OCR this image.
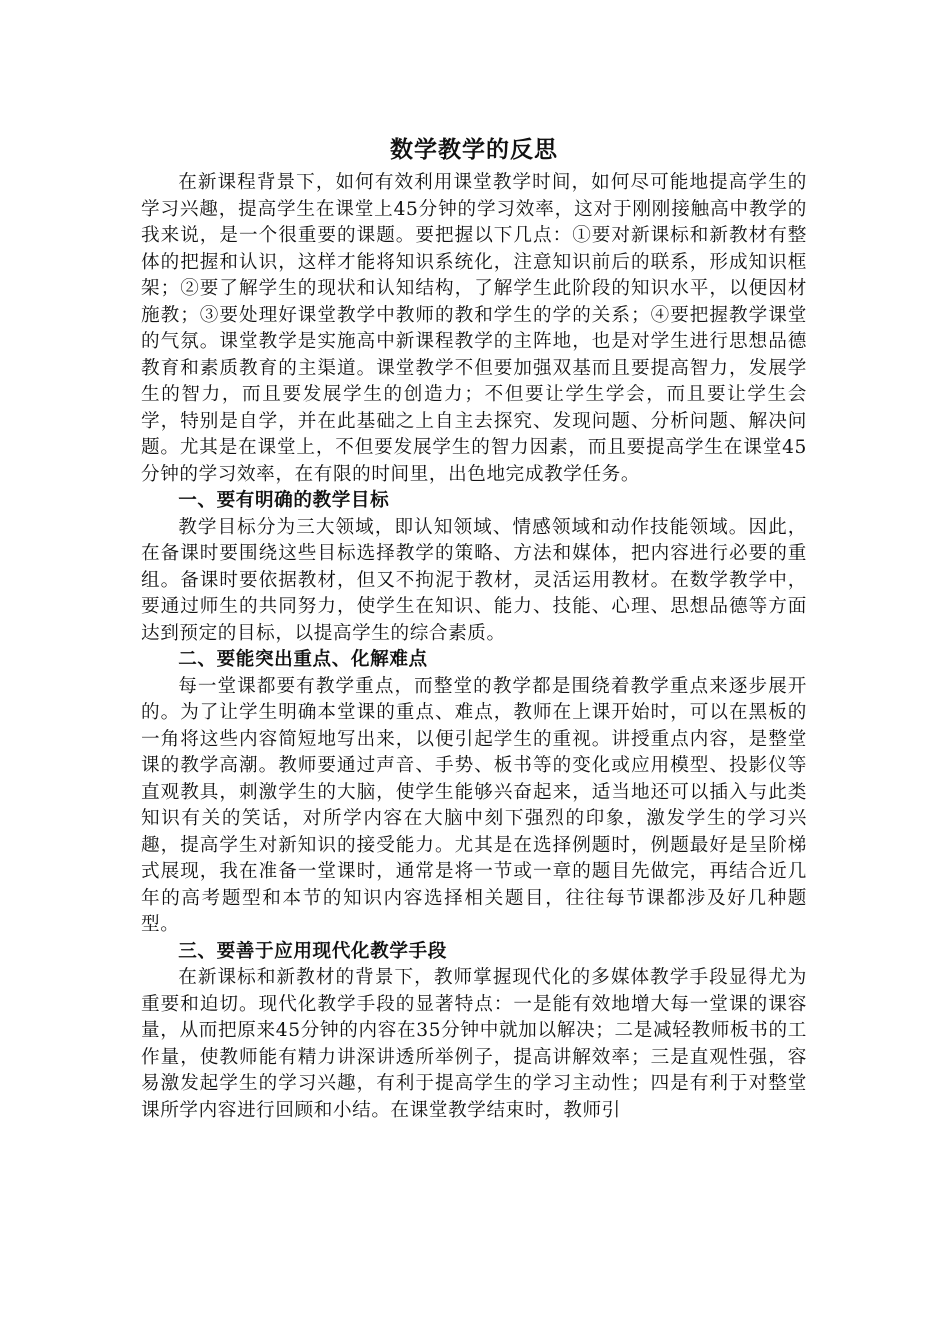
数学教学的反思

在新课程背景下，如何有效利用课堂教学时间，如何尽可能地提高学生的学习兴趣，提高学生在课堂上45分钟的学习效率，这对于刚刚接触高中教学的我来说，是一个很重要的课题。要把握以下几点：①要对新课标和新教材有整体的把握和认识，这样才能将知识系统化，注意知识前后的联系，形成知识框架；②要了解学生的现状和认知结构，了解学生此阶段的知识水平，以便因材施教；③要处理好课堂教学中教师的教和学生的学的关系；④要把握教学课堂的气氛。课堂教学是实施高中新课程教学的主阵地，也是对学生进行思想品德教育和素质教育的主渠道。课堂教学不但要加强双基而且要提高智力，发展学生的智力，而且要发展学生的创造力；不但要让学生学会，而且要让学生会学，特别是自学，并在此基础之上自主去探究、发现问题、分析问题、解决问题。尤其是在课堂上，不但要发展学生的智力因素，而且要提高学生在课堂45分钟的学习效率，在有限的时间里，出色地完成教学任务。

一、要有明确的教学目标

教学目标分为三大领域，即认知领域、情感领域和动作技能领域。因此，在备课时要围绕这些目标选择教学的策略、方法和媒体，把内容进行必要的重组。备课时要依据教材，但又不拘泥于教材，灵活运用教材。在数学教学中，要通过师生的共同努力，使学生在知识、能力、技能、心理、思想品德等方面达到预定的目标，以提高学生的综合素质。

二、要能突出重点、化解难点

每一堂课都要有教学重点，而整堂的教学都是围绕着教学重点来逐步展开的。为了让学生明确本堂课的重点、难点，教师在上课开始时，可以在黑板的一角将这些内容简短地写出来，以便引起学生的重视。讲授重点内容，是整堂课的教学高潮。教师要通过声音、手势、板书等的变化或应用模型、投影仪等直观教具，刺激学生的大脑，使学生能够兴奋起来，适当地还可以插入与此类知识有关的笑话，对所学内容在大脑中刻下强烈的印象，激发学生的学习兴趣，提高学生对新知识的接受能力。尤其是在选择例题时，例题最好是呈阶梯式展现，我在准备一堂课时，通常是将一节或一章的题目先做完，再结合近几年的高考题型和本节的知识内容选择相关题目，往往每节课都涉及好几种题型。

三、要善于应用现代化教学手段

在新课标和新教材的背景下，教师掌握现代化的多媒体教学手段显得尤为重要和迫切。现代化教学手段的显著特点：一是能有效地增大每一堂课的课容量，从而把原来45分钟的内容在35分钟中就加以解决；二是减轻教师板书的工作量，使教师能有精力讲深讲透所举例子，提高讲解效率；三是直观性强，容易激发起学生的学习兴趣，有利于提高学生的学习主动性；四是有利于对整堂课所学内容进行回顾和小结。在课堂教学结束时，教师引
